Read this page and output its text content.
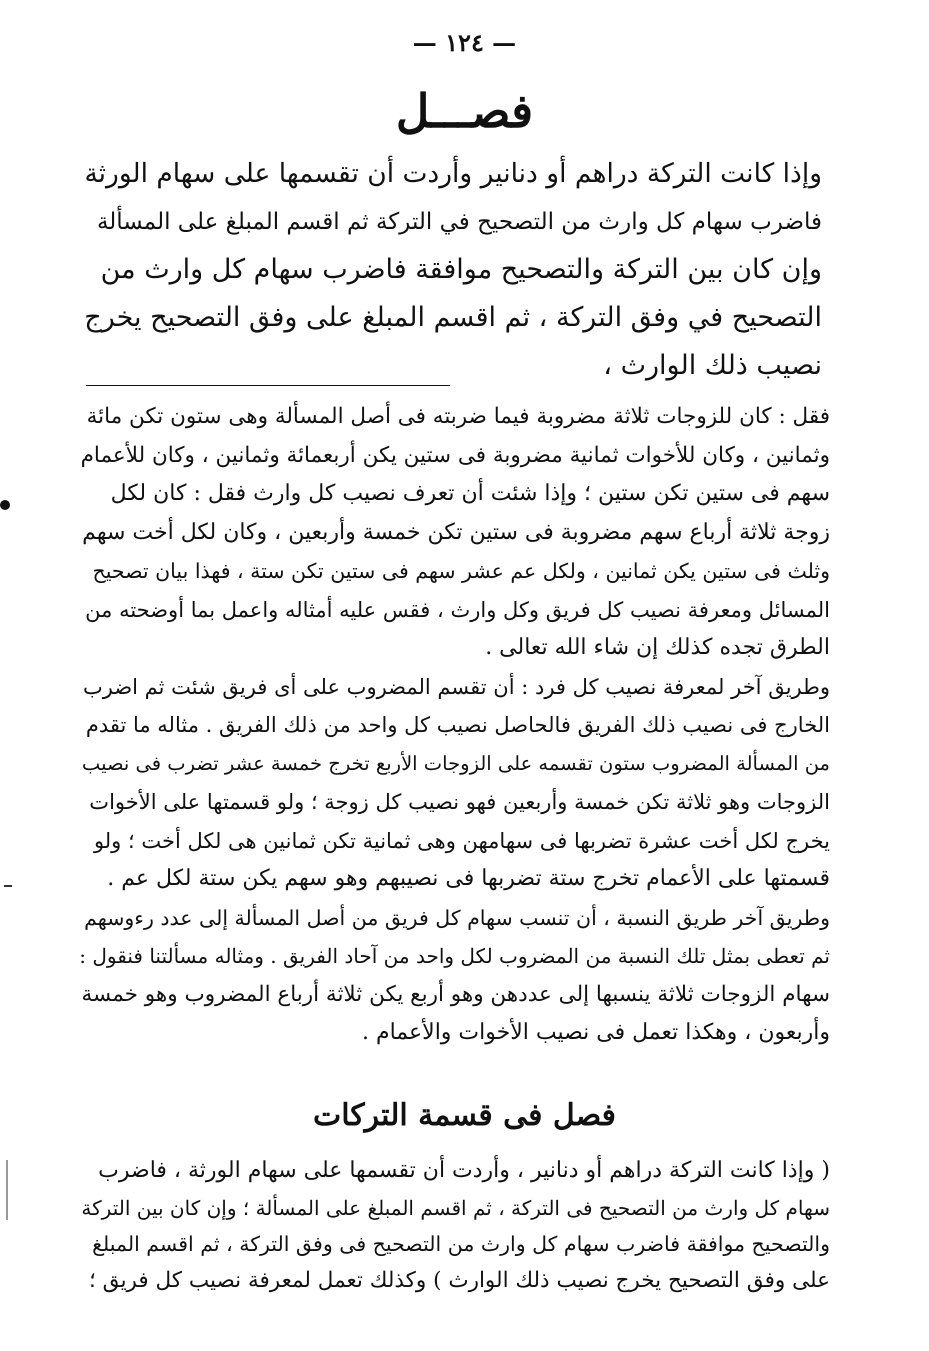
— ١٢٤ —
فصـــل
وإذا كانت التركة دراهم أو دنانير وأردت أن تقسمها على سهام الورثة
فاضرب سهام كل وارث من التصحيح في التركة ثم اقسم المبلغ على المسألة
وإن كان بين التركة والتصحيح موافقة فاضرب سهام كل وارث من
التصحيح في وفق التركة ، ثم اقسم المبلغ على وفق التصحيح يخرج
نصيب ذلك الوارث ،
فقل : كان للزوجات ثلاثة مضروبة فيما ضربته فى أصل المسألة وهى ستون تكن مائة
وثمانين ، وكان للأخوات ثمانية مضروبة فى ستين يكن أربعمائة وثمانين ، وكان للأعمام
سهم فى ستين تكن ستين ؛ وإذا شئت أن تعرف نصيب كل وارث فقل : كان لكل
زوجة ثلاثة أرباع سهم مضروبة فى ستين تكن خمسة وأربعين ، وكان لكل أخت سهم
وثلث فى ستين يكن ثمانين ، ولكل عم عشر سهم فى ستين تكن ستة ، فهذا بيان تصحيح
المسائل ومعرفة نصيب كل فريق وكل وارث ، فقس عليه أمثاله واعمل بما أوضحته من
الطرق تجده كذلك إن شاء الله تعالى .
وطريق آخر لمعرفة نصيب كل فرد : أن تقسم المضروب على أى فريق شئت ثم اضرب
الخارج فى نصيب ذلك الفريق فالحاصل نصيب كل واحد من ذلك الفريق . مثاله ما تقدم
من المسألة المضروب ستون تقسمه على الزوجات الأربع تخرج خمسة عشر تضرب فى نصيب
الزوجات وهو ثلاثة تكن خمسة وأربعين فهو نصيب كل زوجة ؛ ولو قسمتها على الأخوات
يخرج لكل أخت عشرة تضربها فى سهامهن وهى ثمانية تكن ثمانين هى لكل أخت ؛ ولو
قسمتها على الأعمام تخرج ستة تضربها فى نصيبهم وهو سهم يكن ستة لكل عم .
وطريق آخر طريق النسبة ، أن تنسب سهام كل فريق من أصل المسألة إلى عدد رءوسهم
ثم تعطى بمثل تلك النسبة من المضروب لكل واحد من آحاد الفريق . ومثاله مسألتنا فنقول :
سهام الزوجات ثلاثة ينسبها إلى عددهن وهو أربع يكن ثلاثة أرباع المضروب وهو خمسة
وأربعون ، وهكذا تعمل فى نصيب الأخوات والأعمام .
فصل فى قسمة التركات
( وإذا كانت التركة دراهم أو دنانير ، وأردت أن تقسمها على سهام الورثة ، فاضرب
سهام كل وارث من التصحيح فى التركة ، ثم اقسم المبلغ على المسألة ؛ وإن كان بين التركة
والتصحيح موافقة فاضرب سهام كل وارث من التصحيح فى وفق التركة ، ثم اقسم المبلغ
على وفق التصحيح يخرج نصيب ذلك الوارث ) وكذلك تعمل لمعرفة نصيب كل فريق ؛
